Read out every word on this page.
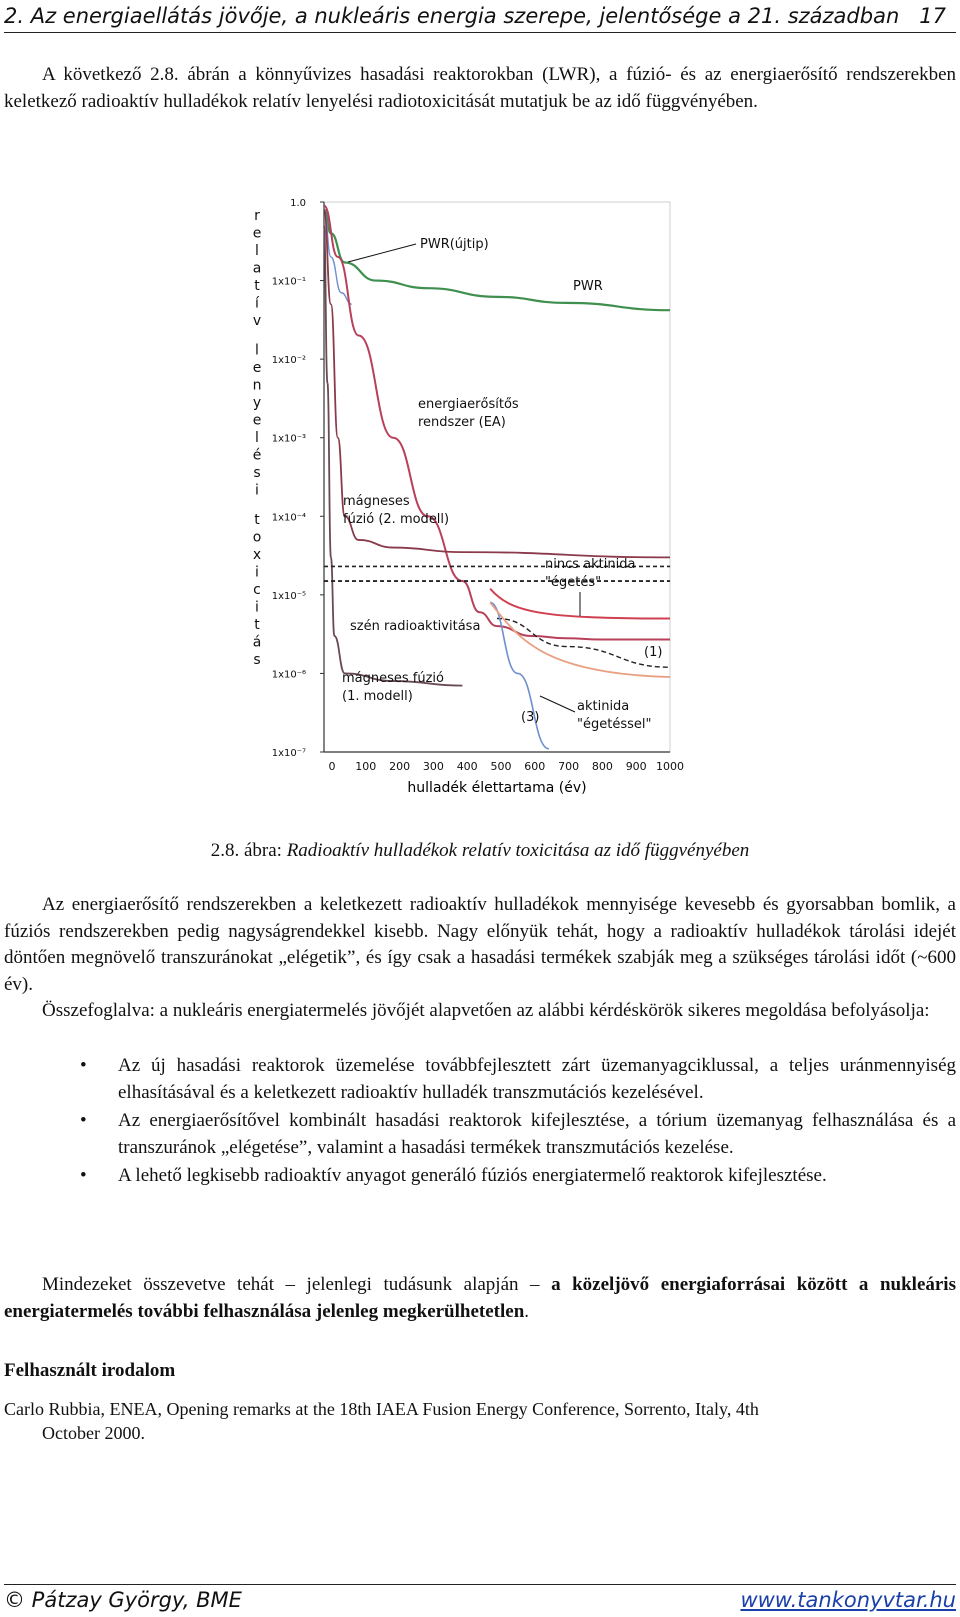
2. Az energiaellátás jövője, a nukleáris energia szerepe, jelentősége a 21. században 17

A következő 2.8. ábrán a könnyűvizes hasadási reaktorokban (LWR), a fúzió- és az energiaerősítő rendszerekben keletkező radioaktív hulladékok relatív lenyelési radiotoxicitását mutatjuk be az idő függvényében.

r
e
l
a
t
í
v
l
e
n
y
e
l
é
s
i
t
o
x
i
c
i
t
á
s
1.0
1x10⁻¹
1x10⁻²
1x10⁻³
1x10⁻⁴
1x10⁻⁵
1x10⁻⁶
1x10⁻⁷
0 100 200 300 400 500 600 700 800 900 1000
PWR(újtip)
PWR
energiaerősítős
rendszer (EA)
mágneses
fúzió (2. modell)
nincs aktinida
"égetés"
szén radioaktivitása
(1)
(3)
mágneses fúzió
(1. modell)
aktinida
"égetéssel"
hulladék élettartama (év)
2.8. ábra: Radioaktív hulladékok relatív toxicitása az idő függvényében

Az energiaerősítő rendszerekben a keletkezett radioaktív hulladékok mennyisége kevesebb és gyorsabban bomlik, a fúziós rendszerekben pedig nagyságrendekkel kisebb. Nagy előnyük tehát, hogy a radioaktív hulladékok tárolási idejét döntően megnövelő transzuránokat „elégetik”, és így csak a hasadási termékek szabják meg a szükséges tárolási időt (~600 év).

Összefoglalva: a nukleáris energiatermelés jövőjét alapvetően az alábbi kérdéskörök sikeres megoldása befolyásolja:

• Az új hasadási reaktorok üzemelése továbbfejlesztett zárt üzemanyagciklussal, a teljes uránmennyiség elhasításával és a keletkezett radioaktív hulladék transzmutációs kezelésével.
• Az energiaerősítővel kombinált hasadási reaktorok kifejlesztése, a tórium üzemanyag felhasználása és a transzuránok „elégetése”, valamint a hasadási termékek transzmutációs kezelése.
• A lehető legkisebb radioaktív anyagot generáló fúziós energiatermelő reaktorok kifejlesztése.

Mindezeket összevetve tehát – jelenlegi tudásunk alapján – a közeljövő energiaforrásai között a nukleáris energiatermelés további felhasználása jelenleg megkerülhetetlen.

Felhasznált irodalom
Carlo Rubbia, ENEA, Opening remarks at the 18th IAEA Fusion Energy Conference, Sorrento, Italy, 4th
October 2000.
© Pátzay György, BME	www.tankonyvtar.hu
